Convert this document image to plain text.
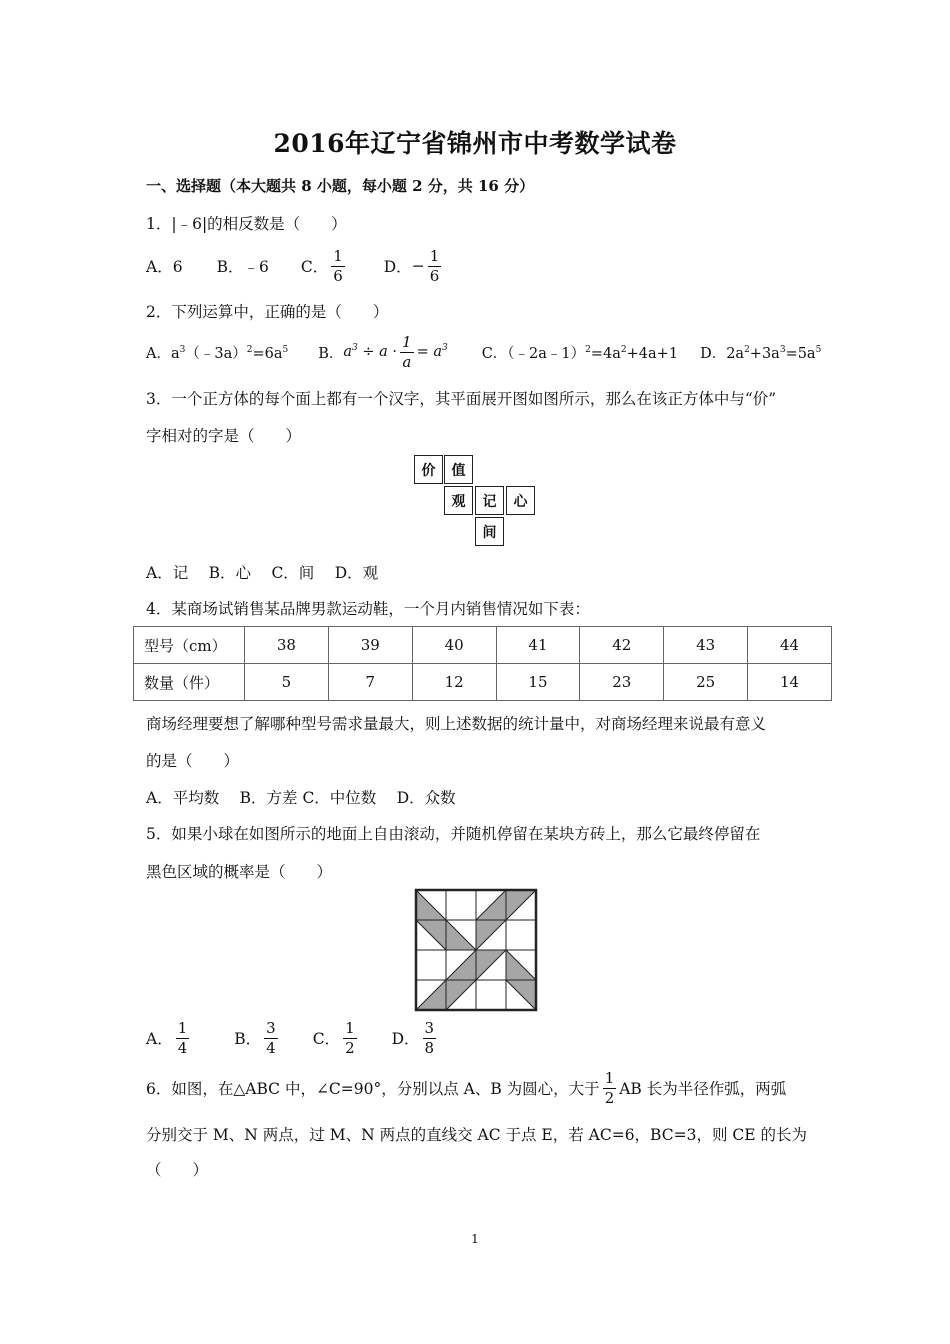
2016年辽宁省锦州市中考数学试卷
一、选择题（本大题共 8 小题，每小题 2 分，共 16 分）
1．|﹣6|的相反数是（　　）
A．6 B．﹣6 C． $\frac{1}{6}$	D． − $\frac{1}{6}$
2．下列运算中，正确的是（　　）
A．$a^3(﹣3a)^2=6a^5$ B． $a^3 \div a \cdot \frac{1}{a} = a^3$ C．$(﹣2a﹣1)^2=4a^2+4a+1$ D．$2a^2+3a^3=5a^5$
3．一个正方体的每个面上都有一个汉字，其平面展开图如图所示，那么在该正方体中与“价”
字相对的字是（　　）
价	值
观	记	心
间
A．记　 B．心　 C．间　 D．观
4．某商场试销售某品牌男款运动鞋，一个月内销售情况如下表：
型号（cm）	38	39	40	41	42	43	44
数量（件）	5	7	12	15	23	25	14
商场经理要想了解哪种型号需求量最大，则上述数据的统计量中，对商场经理来说最有意义
的是（　　）
A．平均数　 B．方差 C．中位数　 D．众数
5．如果小球在如图所示的地面上自由滚动，并随机停留在某块方砖上，那么它最终停留在
黑色区域的概率是（　　）
A． $\frac{1}{4}$	B． $\frac{3}{4}$ C． $\frac{1}{2}$ D． $\frac{3}{8}$
6．如图，在△ABC 中，∠C=90°，分别以点 A、B 为圆心，大于 $\frac{1}{2}$ AB 长为半径作弧，两弧
分别交于 M、N 两点，过 M、N 两点的直线交 AC 于点 E，若 AC=6，BC=3，则 CE 的长为
（　　）
1
